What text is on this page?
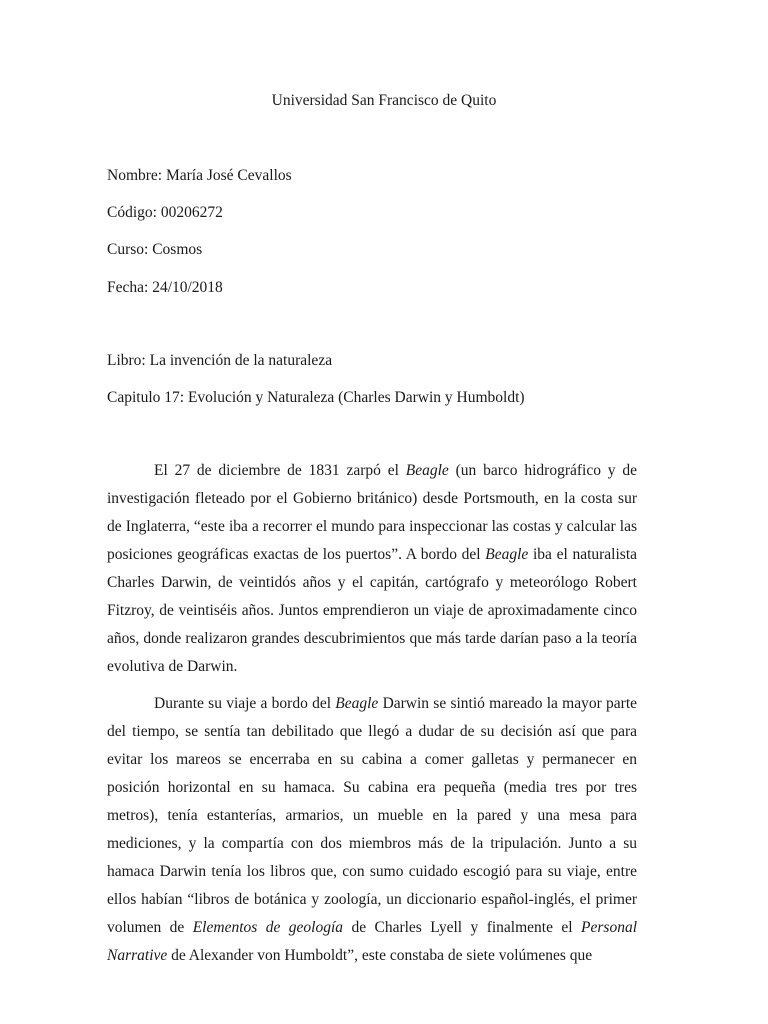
Universidad San Francisco de Quito
Nombre: María José Cevallos
Código: 00206272
Curso: Cosmos
Fecha: 24/10/2018
Libro: La invención de la naturaleza
Capitulo 17: Evolución y Naturaleza (Charles Darwin y Humboldt)

El 27 de diciembre de 1831 zarpó el Beagle (un barco hidrográfico y de investigación fleteado por el Gobierno británico) desde Portsmouth, en la costa sur de Inglaterra, “este iba a recorrer el mundo para inspeccionar las costas y calcular las posiciones geográficas exactas de los puertos”. A bordo del Beagle iba el naturalista Charles Darwin, de veintidós años y el capitán, cartógrafo y meteorólogo Robert Fitzroy, de veintiséis años. Juntos emprendieron un viaje de aproximadamente cinco años, donde realizaron grandes descubrimientos que más tarde darían paso a la teoría evolutiva de Darwin.

Durante su viaje a bordo del Beagle Darwin se sintió mareado la mayor parte del tiempo, se sentía tan debilitado que llegó a dudar de su decisión así que para evitar los mareos se encerraba en su cabina a comer galletas y permanecer en posición horizontal en su hamaca. Su cabina era pequeña (media tres por tres metros), tenía estanterías, armarios, un mueble en la pared y una mesa para mediciones, y la compartía con dos miembros más de la tripulación. Junto a su hamaca Darwin tenía los libros que, con sumo cuidado escogió para su viaje, entre ellos habían “libros de botánica y zoología, un diccionario español-inglés, el primer volumen de Elementos de geología de Charles Lyell y finalmente el Personal Narrative de Alexander von Humboldt”, este constaba de siete volúmenes que
